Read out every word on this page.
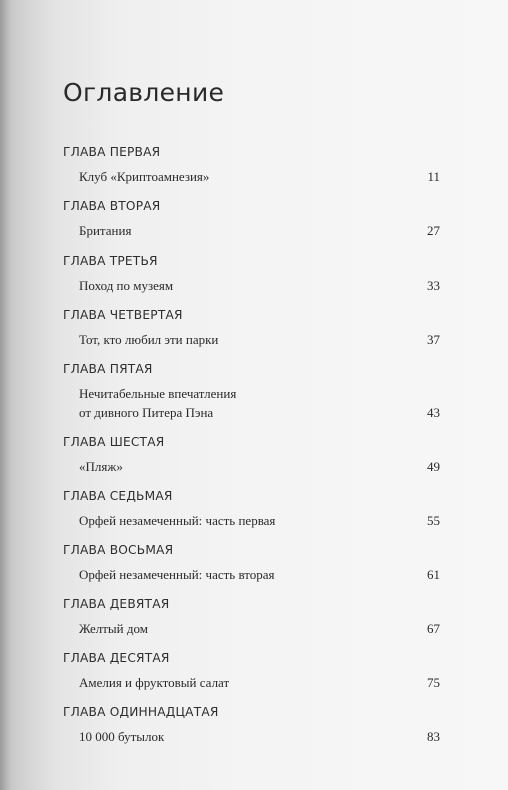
Оглавление
ГЛАВА ПЕРВАЯ
Клуб «Криптоамнезия»	11
ГЛАВА ВТОРАЯ
Британия	27
ГЛАВА ТРЕТЬЯ
Поход по музеям	33
ГЛАВА ЧЕТВЕРТАЯ
Тот, кто любил эти парки	37
ГЛАВА ПЯТАЯ
Нечитабельные впечатления
от дивного Питера Пэна	43
ГЛАВА ШЕСТАЯ
«Пляж»	49
ГЛАВА СЕДЬМАЯ
Орфей незамеченный: часть первая	55
ГЛАВА ВОСЬМАЯ
Орфей незамеченный: часть вторая	61
ГЛАВА ДЕВЯТАЯ
Желтый дом	67
ГЛАВА ДЕСЯТАЯ
Амелия и фруктовый салат	75
ГЛАВА ОДИННАДЦАТАЯ
10 000 бутылок	83
